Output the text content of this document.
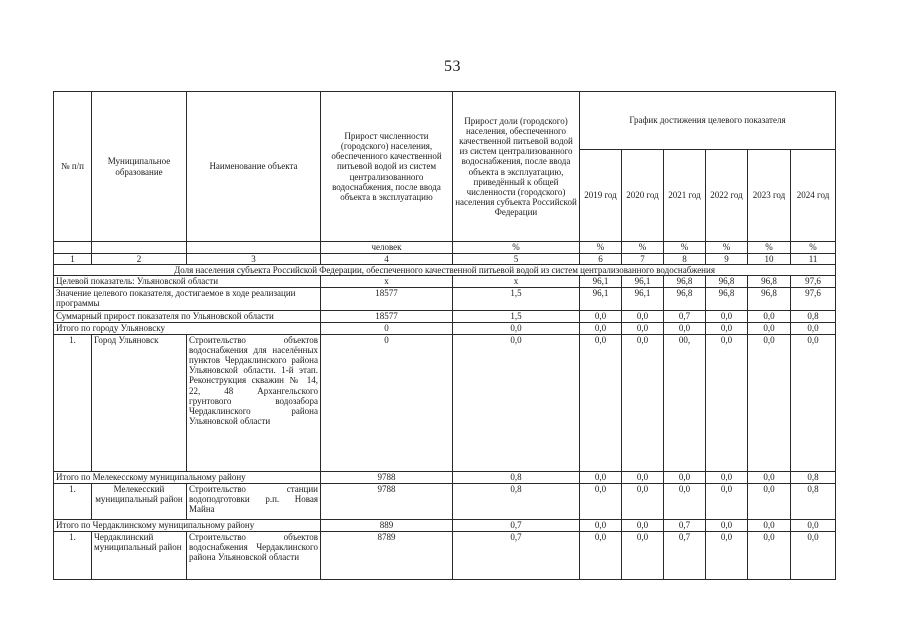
53
№ п/п	Муниципальное образование	Наименование объекта	Прирост численности (городского) населения, обеспеченного качественной питьевой водой из систем централизованного водоснабжения, после ввода объекта в эксплуатацию	Прирост доли (городского) населения, обеспеченного качественной питьевой водой из систем централизованного водоснабжения, после ввода объекта в эксплуатацию, приведённый к общей численности (городского) населения субъекта Российской Федерации	График достижения целевого показателя					
					2019 год	2020 год	2021 год	2022 год	2023 год	2024 год
			человек	%	%	%	%	%	%	%
1	2	3	4	5	6	7	8	9	10	11
Доля населения субъекта Российской Федерации, обеспеченного качественной питьевой водой из систем централизованного водоснабжения										
Целевой показатель: Ульяновской области			x	x	96,1	96,1	96,8	96,8	96,8	97,6
Значение целевого показателя, достигаемое в ходе реализации программы			18577	1,5	96,1	96,1	96,8	96,8	96,8	97,6
Суммарный прирост показателя по Ульяновской области			18577	1,5	0,0	0,0	0,7	0,0	0,0	0,8
Итого по городу Ульяновску			0	0,0	0,0	0,0	0,0	0,0	0,0	0,0
1.	Город Ульяновск	Строительство объектов водоснабжения для населённых пунктов Чердаклинского района Ульяновской области. 1-й этап. Реконструкция скважин № 14, 22, 48 Архангельского грунтового водозабора Чердаклинского района Ульяновской области	0	0,0	0,0	0,0	00,	0,0	0,0	0,0
Итого по Мелекесскому муниципальному району			9788	0,8	0,0	0,0	0,0	0,0	0,0	0,8
1.	Мелекесский муниципальный район	Строительство станции водоподготовки р.п. Новая Майна	9788	0,8	0,0	0,0	0,0	0,0	0,0	0,8
Итого по Чердаклинскому муниципальному району			889	0,7	0,0	0,0	0,7	0,0	0,0	0,0
1.	Чердаклинский муниципальный район	Строительство объектов водоснабжения Чердаклинского района Ульяновской области	8789	0,7	0,0	0,0	0,7	0,0	0,0	0,0
